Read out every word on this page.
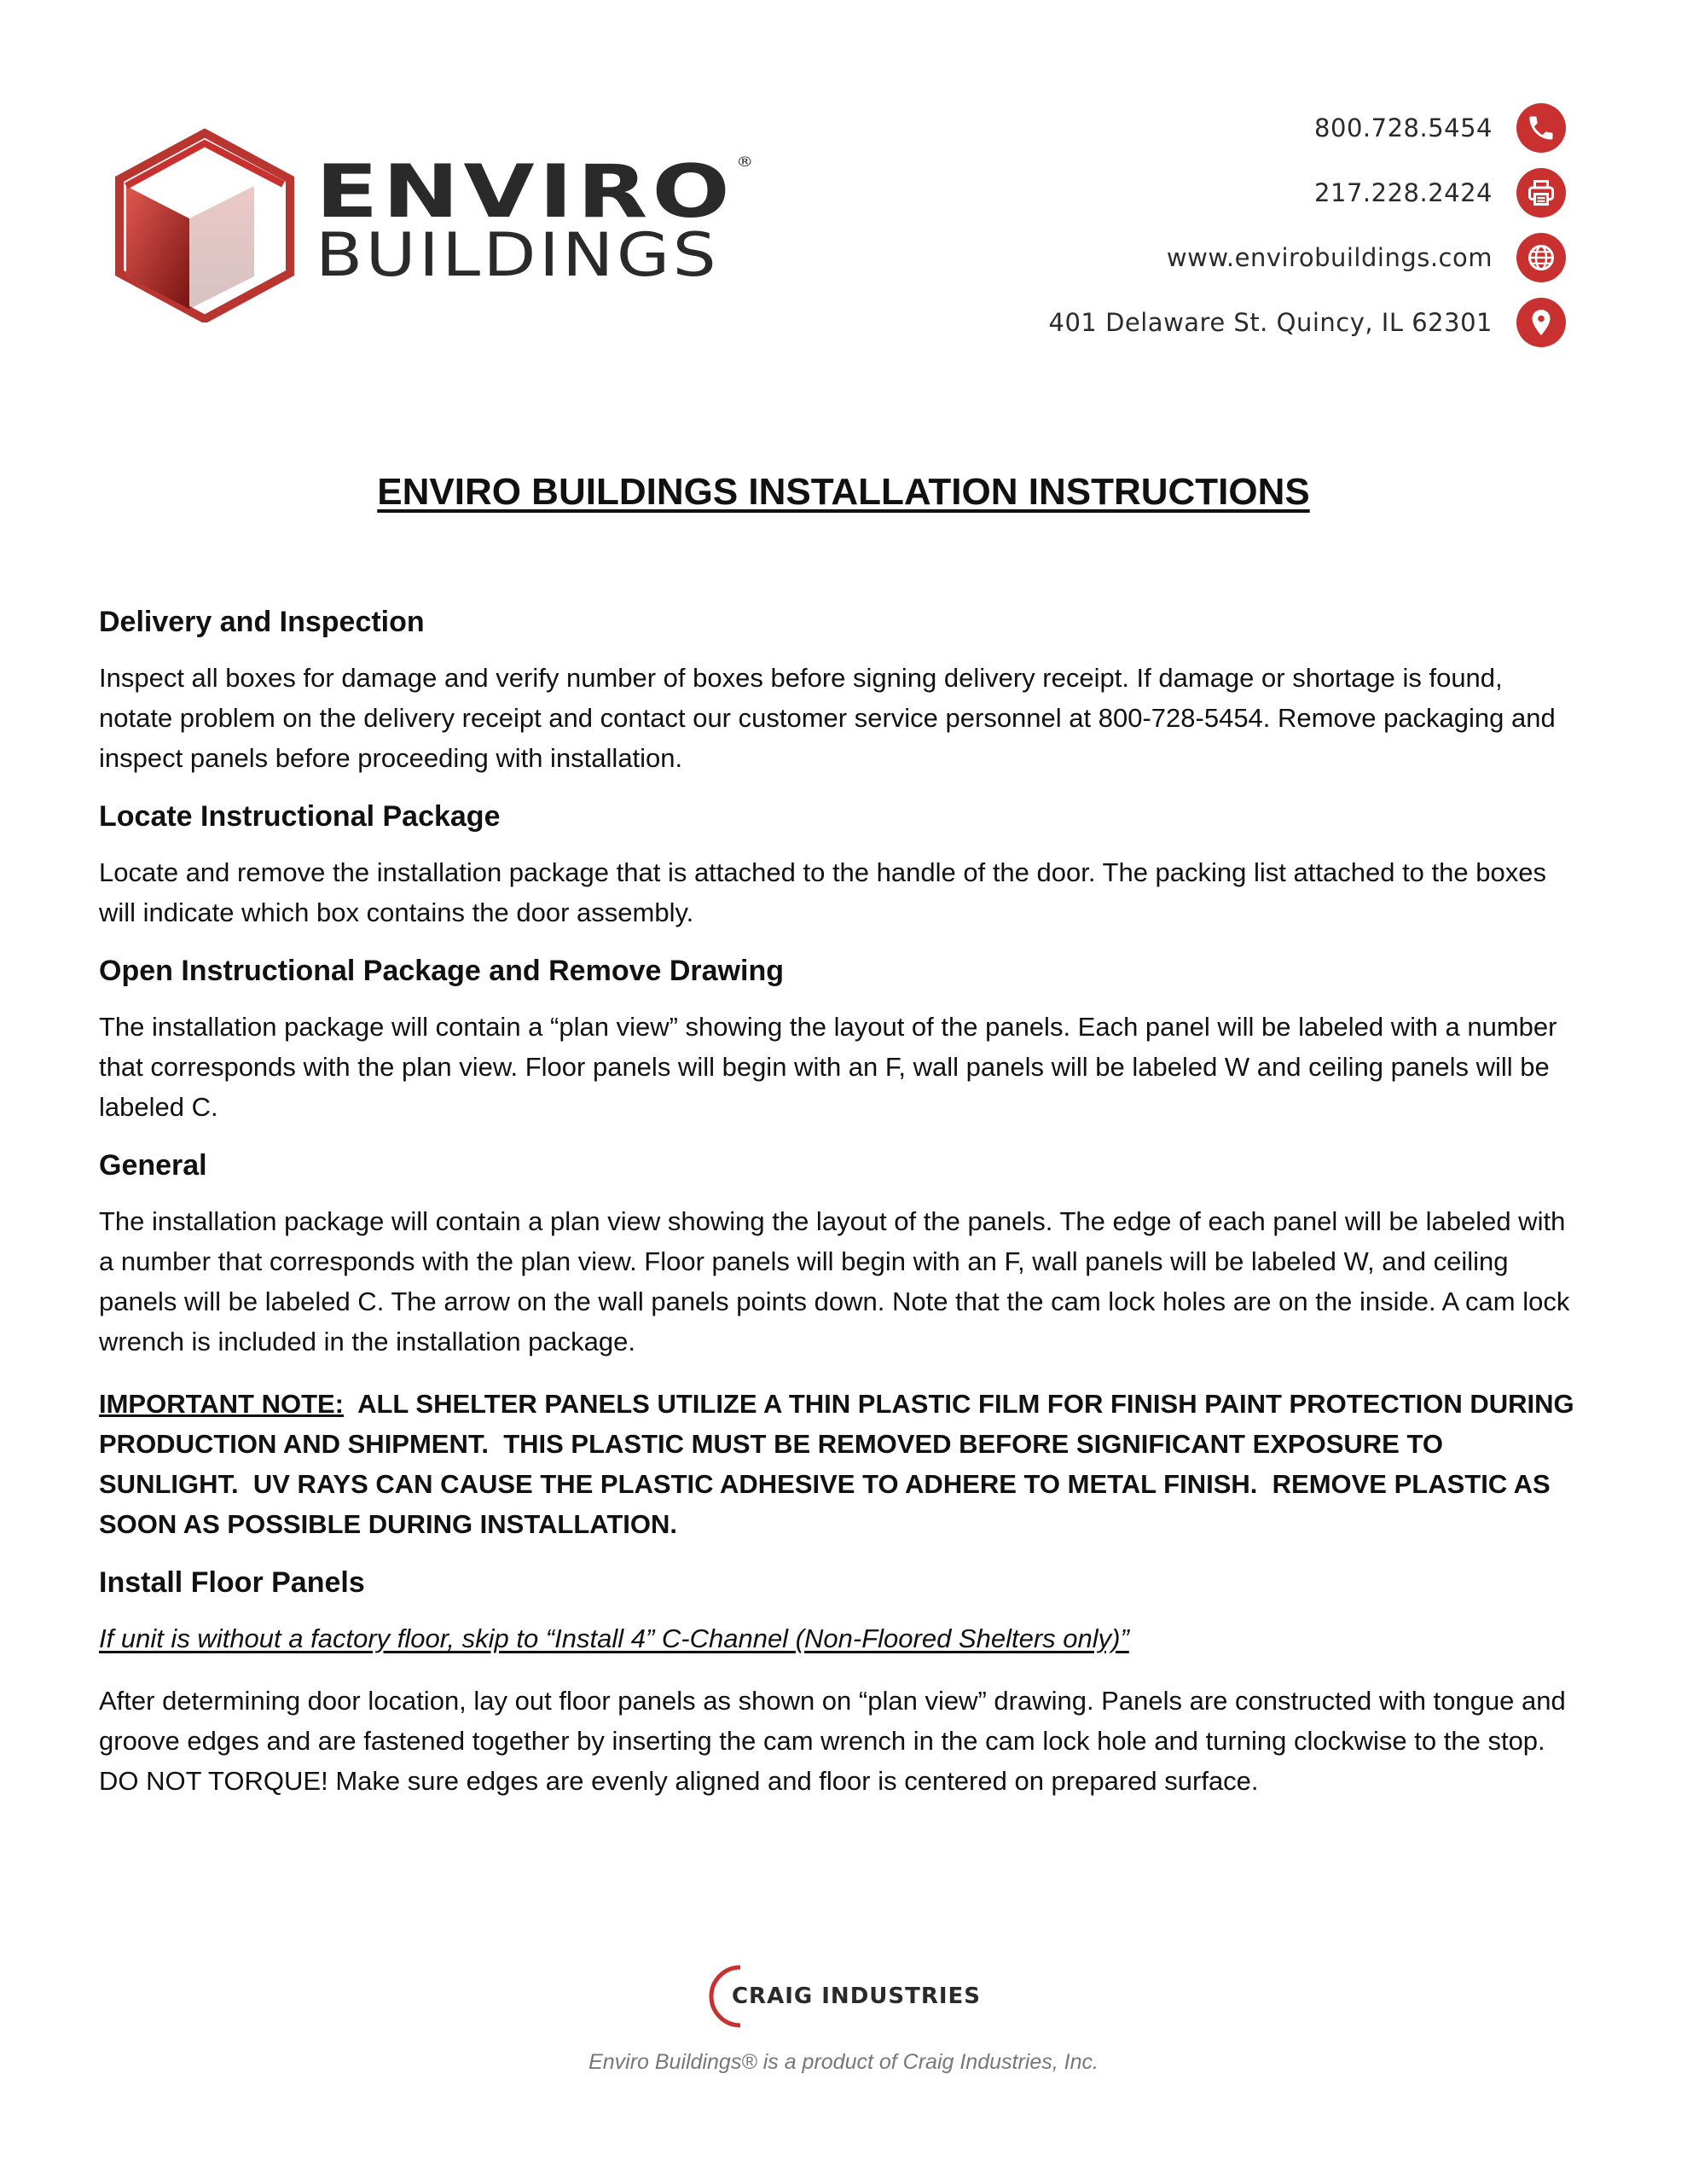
ENVIRO ®
BUILDINGS
800.728.5454
217.228.2424
www.envirobuildings.com
401 Delaware St. Quincy, IL 62301
ENVIRO BUILDINGS INSTALLATION INSTRUCTIONS
Delivery and Inspection

Inspect all boxes for damage and verify number of boxes before signing delivery receipt. If damage or shortage is found, notate problem on the delivery receipt and contact our customer service personnel at 800-728-5454. Remove packaging and inspect panels before proceeding with installation.

Locate Instructional Package

Locate and remove the installation package that is attached to the handle of the door. The packing list attached to the boxes will indicate which box contains the door assembly.

Open Instructional Package and Remove Drawing

The installation package will contain a “plan view” showing the layout of the panels. Each panel will be labeled with a number that corresponds with the plan view. Floor panels will begin with an F, wall panels will be labeled W and ceiling panels will be labeled C.

General

The installation package will contain a plan view showing the layout of the panels. The edge of each panel will be labeled with a number that corresponds with the plan view. Floor panels will begin with an F, wall panels will be labeled W, and ceiling panels will be labeled C. The arrow on the wall panels points down. Note that the cam lock holes are on the inside. A cam lock wrench is included in the installation package.

IMPORTANT NOTE:  ALL SHELTER PANELS UTILIZE A THIN PLASTIC FILM FOR FINISH PAINT PROTECTION DURING PRODUCTION AND SHIPMENT.  THIS PLASTIC MUST BE REMOVED BEFORE SIGNIFICANT EXPOSURE TO SUNLIGHT.  UV RAYS CAN CAUSE THE PLASTIC ADHESIVE TO ADHERE TO METAL FINISH.  REMOVE PLASTIC AS SOON AS POSSIBLE DURING INSTALLATION.

Install Floor Panels

If unit is without a factory floor, skip to “Install 4” C-Channel (Non-Floored Shelters only)”

After determining door location, lay out floor panels as shown on “plan view” drawing. Panels are constructed with tongue and groove edges and are fastened together by inserting the cam wrench in the cam lock hole and turning clockwise to the stop. DO NOT TORQUE! Make sure edges are evenly aligned and floor is centered on prepared surface.

CRAIG INDUSTRIES
Enviro Buildings® is a product of Craig Industries, Inc.
